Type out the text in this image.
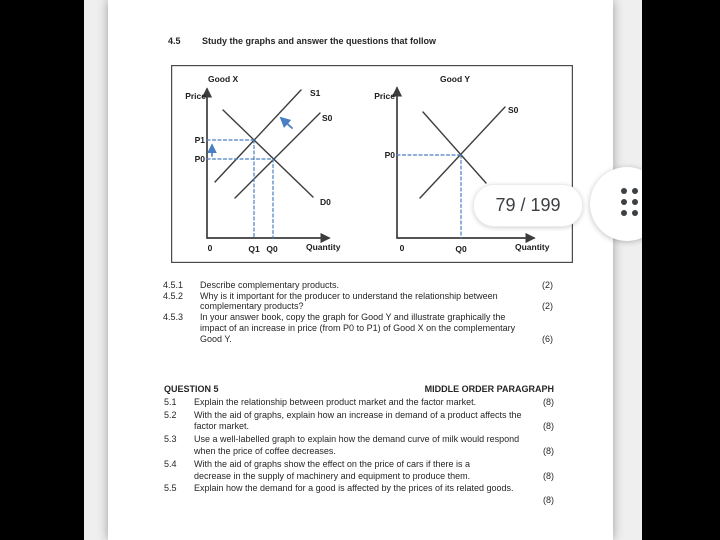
4.5 Study the graphs and answer the questions that follow
Good X
Price	S1
S0
D0
P1
P0
0	Q1 Q0	Quantity
Good Y
Price
S0
P0
0	Q0	Quantity
4.5.1 Describe complementary products.	(2)
4.5.2 Why is it important for the producer to understand the relationship between
complementary products?	(2)
4.5.3 In your answer book, copy the graph for Good Y and illustrate graphically the
impact of an increase in price (from P0 to P1) of Good X on the complementary
Good Y.	(6)
QUESTION 5	MIDDLE ORDER PARAGRAPH
5.1 Explain the relationship between product market and the factor market.	(8)
5.2 With the aid of graphs, explain how an increase in demand of a product affects the
factor market.	(8)
5.3 Use a well-labelled graph to explain how the demand curve of milk would respond
when the price of coffee decreases.	(8)
5.4 With the aid of graphs show the effect on the price of cars if there is a
decrease in the supply of machinery and equipment to produce them.	(8)
5.5 Explain how the demand for a good is affected by the prices of its related goods.
(8)
79 / 199
